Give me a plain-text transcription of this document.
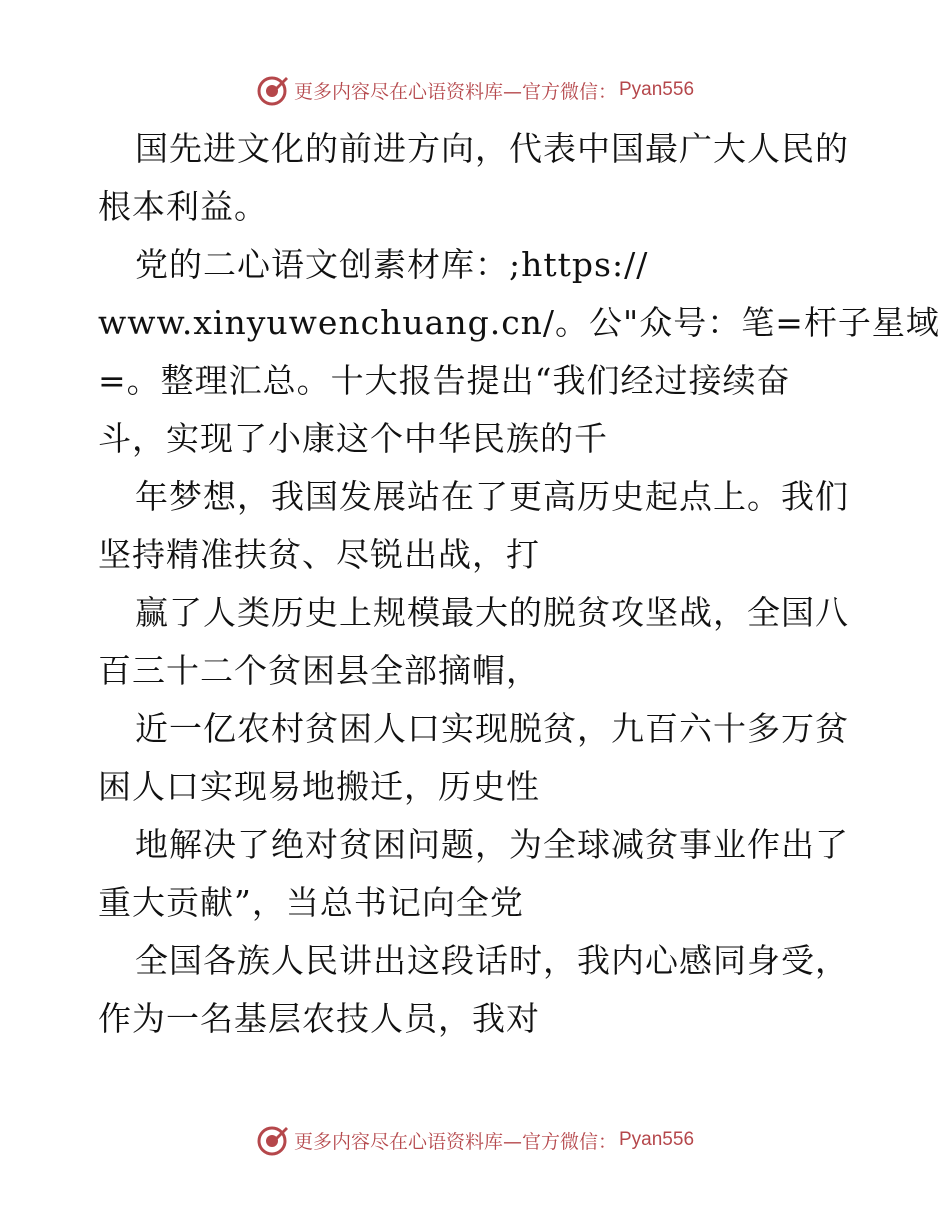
更多内容尽在心语资料库—官方微信： Pyan556
国先进文化的前进方向，代表中国最广大人民的
根本利益。
党的二心语文创素材库：;https://
www.xinyuwenchuang.cn/。公"众号：笔=杆子星域
=。整理汇总。十大报告提出“我们经过接续奋
斗，实现了小康这个中华民族的千
年梦想，我国发展站在了更高历史起点上。我们
坚持精准扶贫、尽锐出战，打
赢了人类历史上规模最大的脱贫攻坚战，全国八
百三十二个贫困县全部摘帽，
近一亿农村贫困人口实现脱贫，九百六十多万贫
困人口实现易地搬迁，历史性
地解决了绝对贫困问题，为全球减贫事业作出了
重大贡献”，当总书记向全党
全国各族人民讲出这段话时，我内心感同身受，
作为一名基层农技人员，我对
更多内容尽在心语资料库—官方微信： Pyan556
